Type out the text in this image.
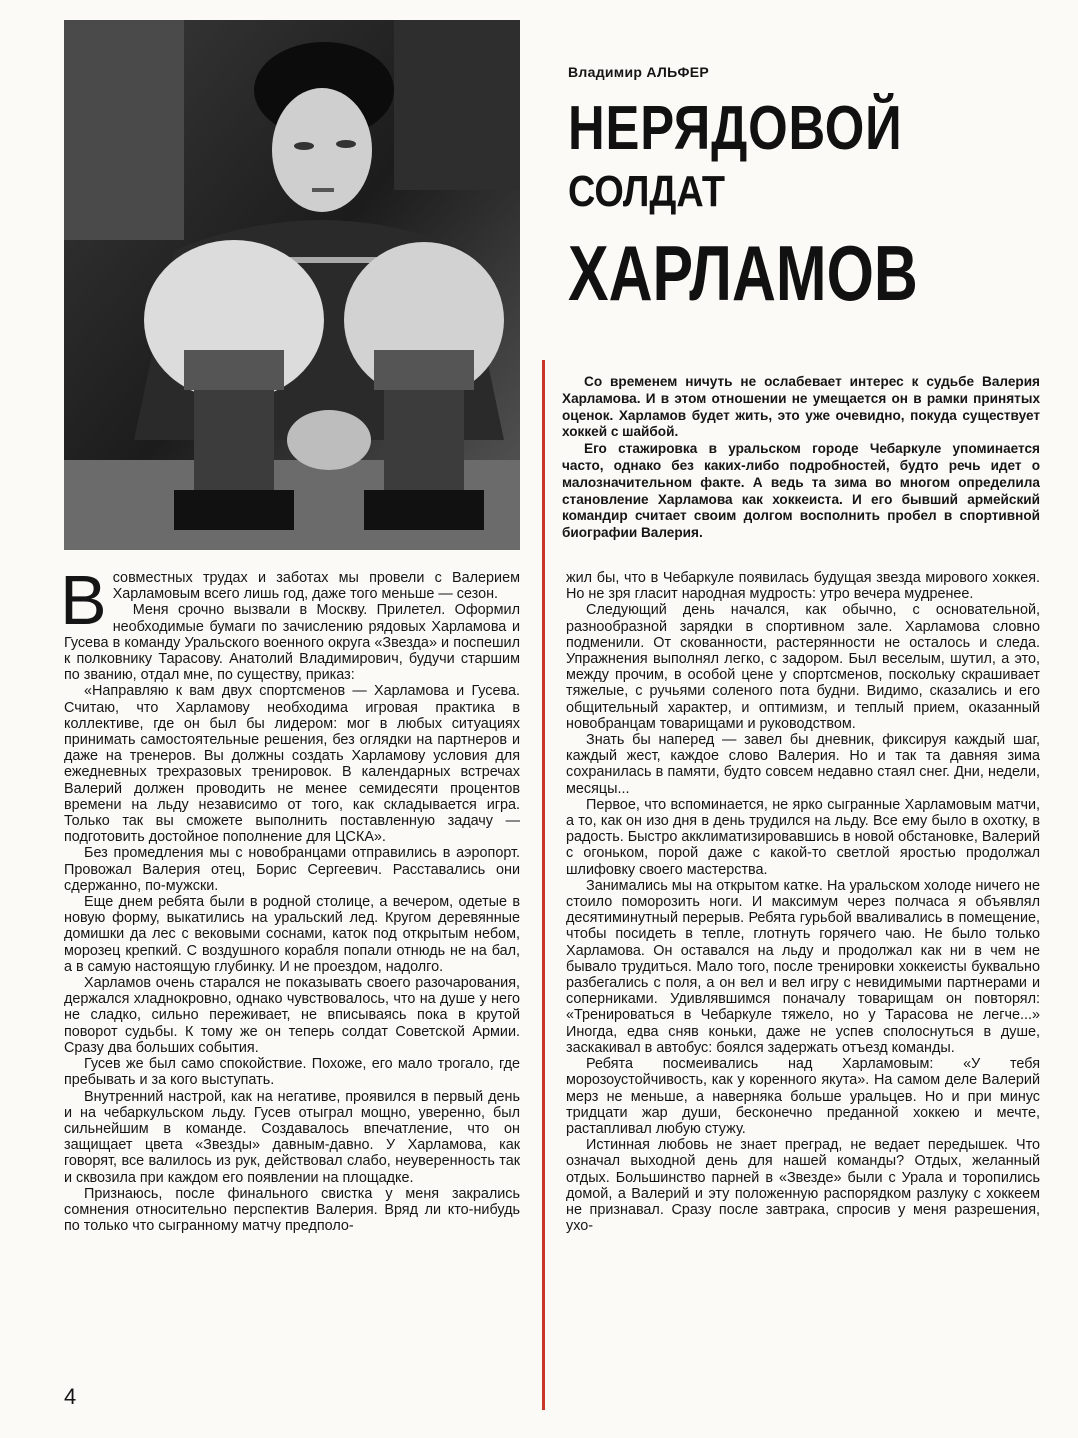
Владимир АЛЬФЕР
НЕРЯДОВОЙ
СОЛДАТ
ХАРЛАМОВ

Со временем ничуть не ослабевает интерес к судьбе Валерия Харламова. И в этом отношении не умещается он в рамки принятых оценок. Харламов будет жить, это уже очевидно, покуда существует хоккей с шайбой.

Его стажировка в уральском городе Чебаркуле упоминается часто, однако без каких-либо подробностей, будто речь идет о малозначительном факте. А ведь та зима во многом определила становление Харламова как хоккеиста. И его бывший армейский командир считает своим долгом восполнить пробел в спортивной биографии Валерия.

Всовместных трудах и заботах мы провели с Валерием Харламовым всего лишь год, даже того меньше — сезон.

Меня срочно вызвали в Москву. Прилетел. Оформил необходимые бумаги по зачислению рядовых Харламова и Гусева в команду Уральского военного округа «Звезда» и поспешил к полковнику Тарасову. Анатолий Владимирович, будучи старшим по званию, отдал мне, по существу, приказ:

«Направляю к вам двух спортсменов — Харламова и Гусева. Считаю, что Харламову необходима игровая практика в коллективе, где он был бы лидером: мог в любых ситуациях принимать самостоятельные решения, без оглядки на партнеров и даже на тренеров. Вы должны создать Харламову условия для ежедневных трехразовых тренировок. В календарных встречах Валерий должен проводить не менее семидесяти процентов времени на льду независимо от того, как складывается игра. Только так вы сможете выполнить поставленную задачу — подготовить достойное пополнение для ЦСКА».

Без промедления мы с новобранцами отправились в аэропорт. Провожал Валерия отец, Борис Сергеевич. Расставались они сдержанно, по-мужски.

Еще днем ребята были в родной столице, а вечером, одетые в новую форму, выкатились на уральский лед. Кругом деревянные домишки да лес с вековыми соснами, каток под открытым небом, морозец крепкий. С воздушного корабля попали отнюдь не на бал, а в самую настоящую глубинку. И не проездом, надолго.

Харламов очень старался не показывать своего разочарования, держался хладнокровно, однако чувствовалось, что на душе у него не сладко, сильно переживает, не вписываясь пока в крутой поворот судьбы. К тому же он теперь солдат Советской Армии. Сразу два больших события.

Гусев же был само спокойствие. Похоже, его мало трогало, где пребывать и за кого выступать.

Внутренний настрой, как на негативе, проявился в первый день и на чебаркульском льду. Гусев отыграл мощно, уверенно, был сильнейшим в команде. Создавалось впечатление, что он защищает цвета «Звезды» давным-давно. У Харламова, как говорят, все валилось из рук, действовал слабо, неуверенность так и сквозила при каждом его появлении на площадке.

Признаюсь, после финального свистка у меня закрались сомнения относительно перспектив Валерия. Вряд ли кто-нибудь по только что сыгранному матчу предполо-

жил бы, что в Чебаркуле появилась будущая звезда мирового хоккея. Но не зря гласит народная мудрость: утро вечера мудренее.

Следующий день начался, как обычно, с основательной, разнообразной зарядки в спортивном зале. Харламова словно подменили. От скованности, растерянности не осталось и следа. Упражнения выполнял легко, с задором. Был веселым, шутил, а это, между прочим, в особой цене у спортсменов, поскольку скрашивает тяжелые, с ручьями соленого пота будни. Видимо, сказались и его общительный характер, и оптимизм, и теплый прием, оказанный новобранцам товарищами и руководством.

Знать бы наперед — завел бы дневник, фиксируя каждый шаг, каждый жест, каждое слово Валерия. Но и так та давняя зима сохранилась в памяти, будто совсем недавно стаял снег. Дни, недели, месяцы...

Первое, что вспоминается, не ярко сыгранные Харламовым матчи, а то, как он изо дня в день трудился на льду. Все ему было в охотку, в радость. Быстро акклиматизировавшись в новой обстановке, Валерий с огоньком, порой даже с какой-то светлой яростью продолжал шлифовку своего мастерства.

Занимались мы на открытом катке. На уральском холоде ничего не стоило поморозить ноги. И максимум через полчаса я объявлял десятиминутный перерыв. Ребята гурьбой вваливались в помещение, чтобы посидеть в тепле, глотнуть горячего чаю. Не было только Харламова. Он оставался на льду и продолжал как ни в чем не бывало трудиться. Мало того, после тренировки хоккеисты буквально разбегались с поля, а он вел и вел игру с невидимыми партнерами и соперниками. Удивлявшимся поначалу товарищам он повторял: «Тренироваться в Чебаркуле тяжело, но у Тарасова не легче...» Иногда, едва сняв коньки, даже не успев сполоснуться в душе, заскакивал в автобус: боялся задержать отъезд команды.

Ребята посмеивались над Харламовым: «У тебя морозоустойчивость, как у коренного якута». На самом деле Валерий мерз не меньше, а наверняка больше уральцев. Но и при минус тридцати жар души, бесконечно преданной хоккею и мечте, растапливал любую стужу.

Истинная любовь не знает преград, не ведает передышек. Что означал выходной день для нашей команды? Отдых, желанный отдых. Большинство парней в «Звезде» были с Урала и торопились домой, а Валерий и эту положенную распорядком разлуку с хоккеем не признавал. Сразу после завтрака, спросив у меня разрешения, ухо-

4
